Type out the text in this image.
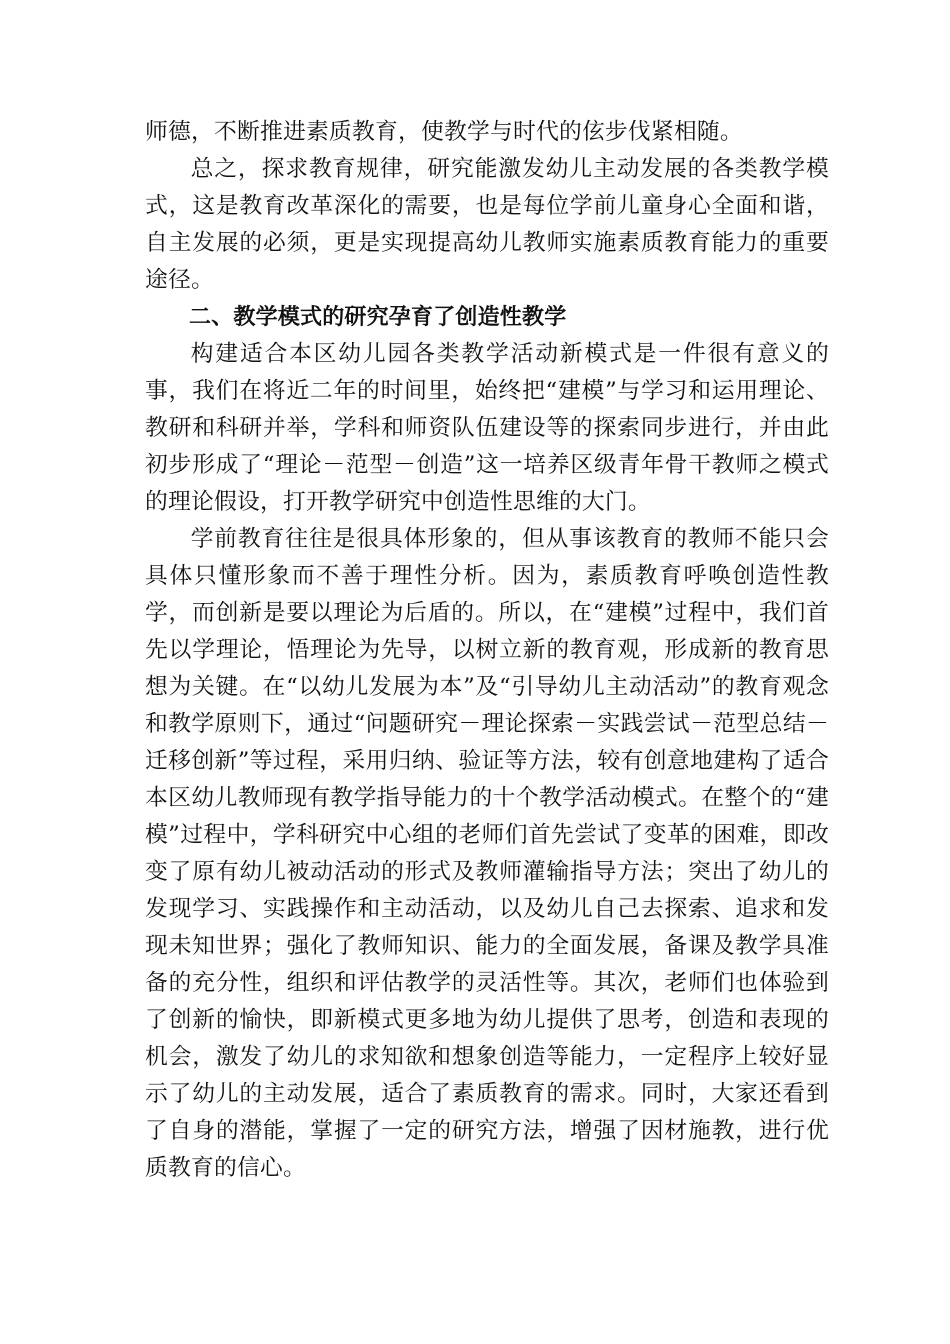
师德，不断推进素质教育，使教学与时代的伭步伐紧相随。

总之，探求教育规律，研究能激发幼儿主动发展的各类教学模式，这是教育改革深化的需要，也是每位学前儿童身心全面和谐，自主发展的必须，更是实现提高幼儿教师实施素质教育能力的重要途径。

二、教学模式的研究孕育了创造性教学

构建适合本区幼儿园各类教学活动新模式是一件很有意义的事，我们在将近二年的时间里，始终把“建模”与学习和运用理论、教研和科研并举，学科和师资队伍建设等的探索同步进行，并由此初步形成了“理论－范型－创造”这一培养区级青年骨干教师之模式的理论假设，打开教学研究中创造性思维的大门。

学前教育往往是很具体形象的，但从事该教育的教师不能只会具体只懂形象而不善于理性分析。因为，素质教育呼唤创造性教学，而创新是要以理论为后盾的。所以，在“建模”过程中，我们首先以学理论，悟理论为先导，以树立新的教育观，形成新的教育思想为关键。在“以幼儿发展为本”及“引导幼儿主动活动”的教育观念和教学原则下，通过“问题研究－理论探索－实践尝试－范型总结－迁移创新”等过程，采用归纳、验证等方法，较有创意地建构了适合本区幼儿教师现有教学指导能力的十个教学活动模式。在整个的“建模”过程中，学科研究中心组的老师们首先尝试了变革的困难，即改变了原有幼儿被动活动的形式及教师灌输指导方法；突出了幼儿的发现学习、实践操作和主动活动，以及幼儿自己去探索、追求和发现未知世界；强化了教师知识、能力的全面发展，备课及教学具准备的充分性，组织和评估教学的灵活性等。其次，老师们也体验到了创新的愉快，即新模式更多地为幼儿提供了思考，创造和表现的机会，激发了幼儿的求知欲和想象创造等能力，一定程序上较好显示了幼儿的主动发展，适合了素质教育的需求。同时，大家还看到了自身的潜能，掌握了一定的研究方法，增强了因材施教，进行优质教育的信心。
